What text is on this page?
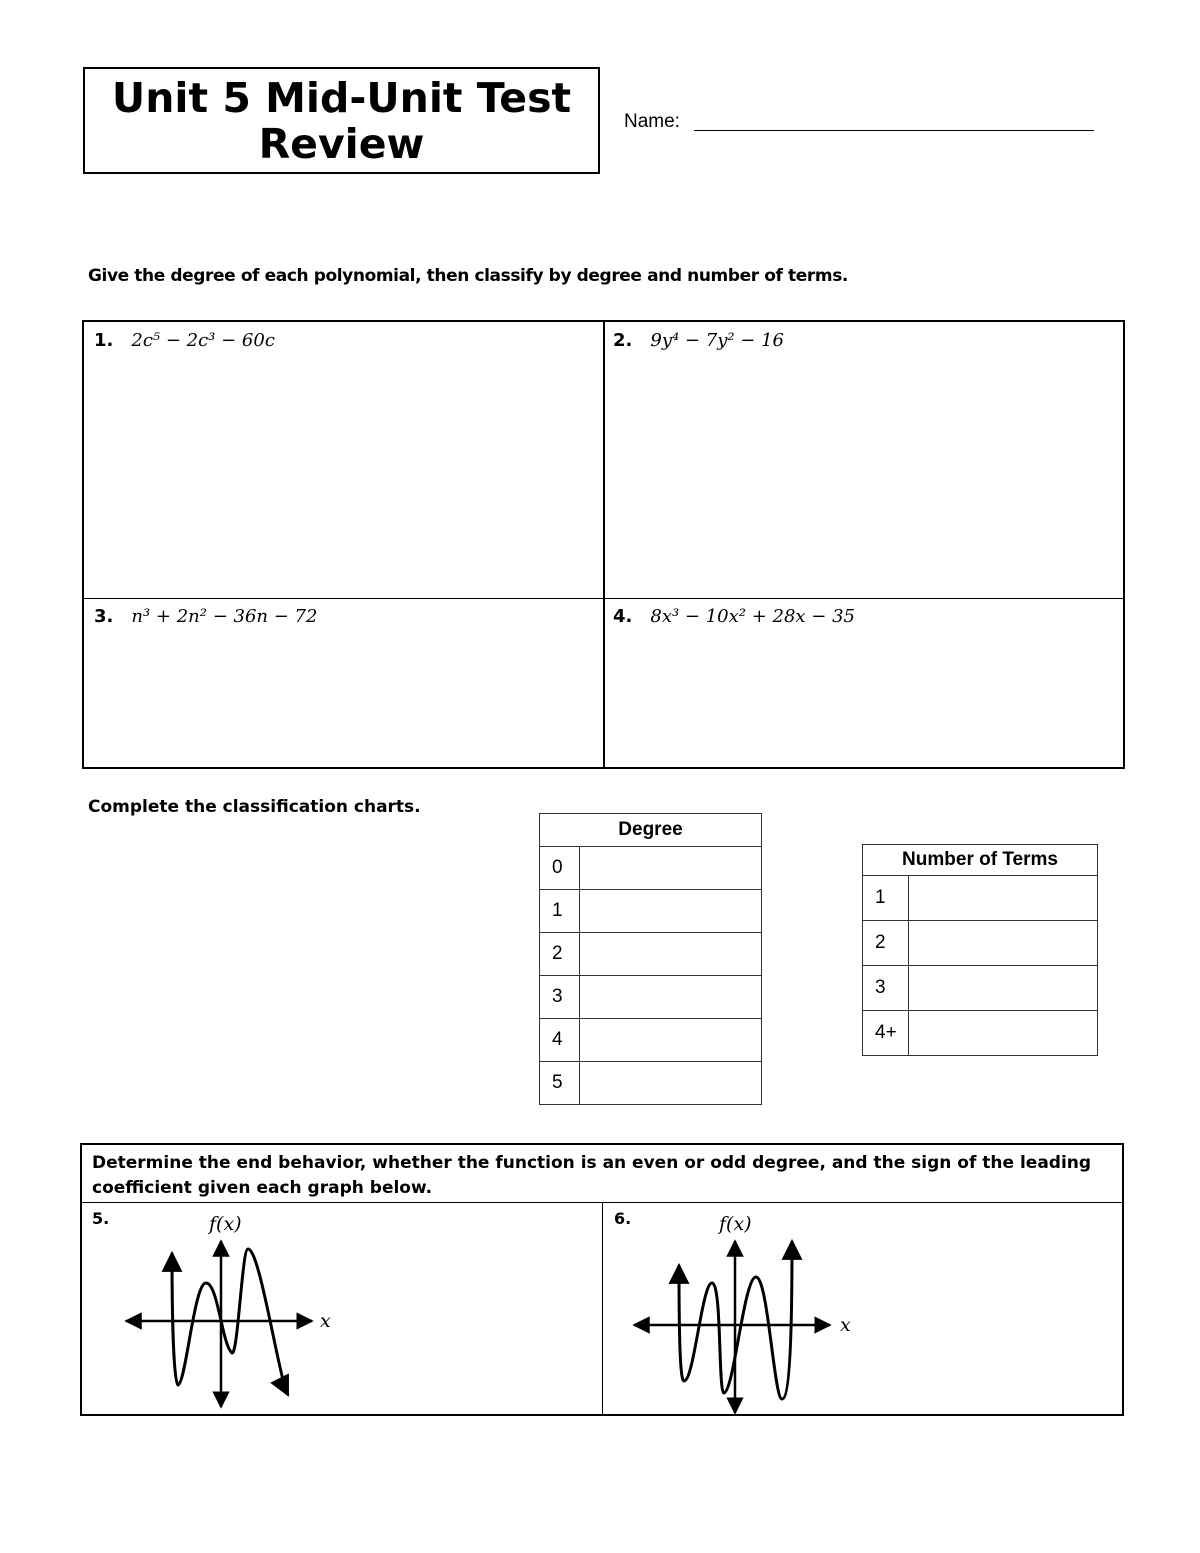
Unit 5 Mid-Unit Test
Review	Name:
Give the degree of each polynomial, then classify by degree and number of terms.
1. 2c⁵ − 2c³ − 60c	2. 9y⁴ − 7y² − 16
3. n³ + 2n² − 36n − 72	4. 8x³ − 10x² + 28x − 35
Complete the classification charts.
Degree	
0	
1	
2	
3	
4	
5	
Number of Terms	
1	
2	
3	
4+	
Determine the end behavior, whether the function is an even or odd degree, and the sign of the leading coefficient given each graph below.
5.	6.
f(x)
x
f(x)
x
